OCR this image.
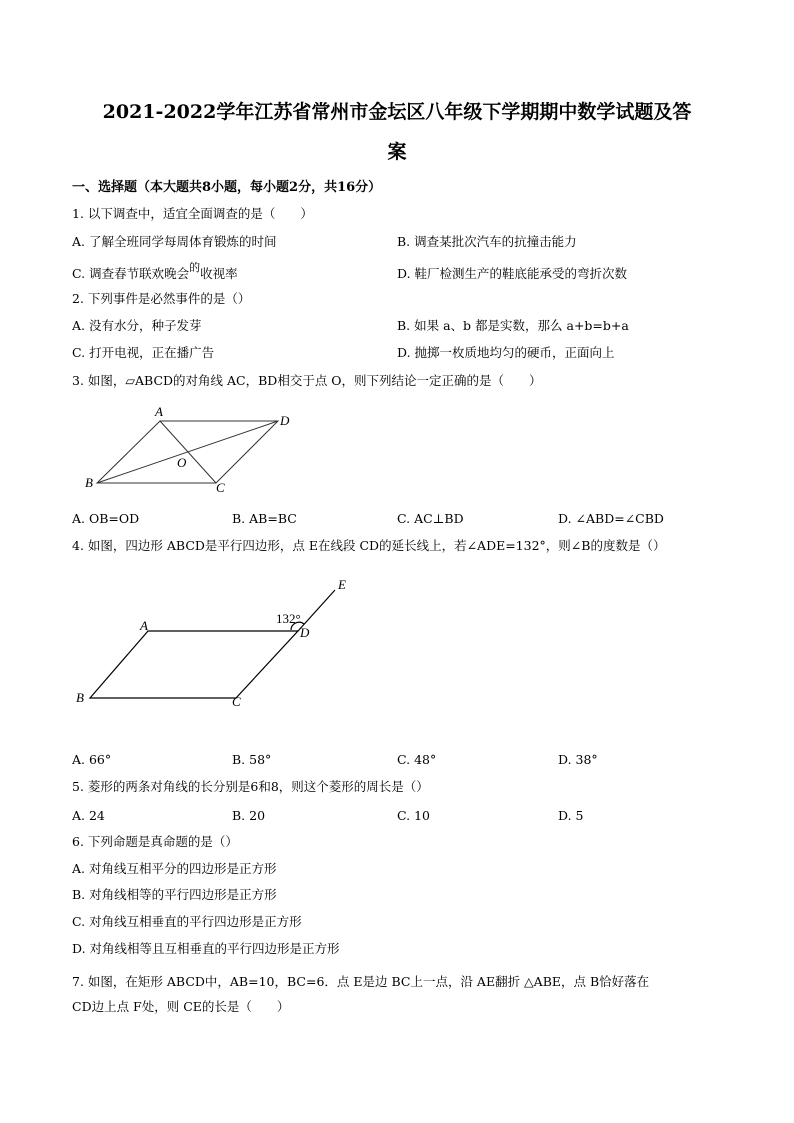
2021-2022学年江苏省常州市金坛区八年级下学期期中数学试题及答
案
一、选择题（本大题共8小题，每小题2分，共16分）
1. 以下调查中，适宜全面调查的是（　　）
A. 了解全班同学每周体育锻炼的时间	B. 调查某批次汽车的抗撞击能力
C. 调查春节联欢晚会的收视率	D. 鞋厂检测生产的鞋底能承受的弯折次数
2. 下列事件是必然事件的是（）
A. 没有水分，种子发芽	B. 如果 a、b 都是实数，那么 a+b=b+a
C. 打开电视，正在播广告	D. 抛掷一枚质地均匀的硬币，正面向上
3. 如图，▱ABCD的对角线 AC，BD相交于点 O，则下列结论一定正确的是（　　）
A
D
B	C
O
A. OB=OD	B. AB=BC	C. AC⊥BD	D. ∠ABD=∠CBD
4. 如图，四边形 ABCD是平行四边形，点 E在线段 CD的延长线上，若∠ADE=132°，则∠B的度数是（）
E
132°
D
A
B	C
A. 66°	B. 58°	C. 48°	D. 38°
5. 菱形的两条对角线的长分别是6和8，则这个菱形的周长是（）
A. 24	B. 20	C. 10	D. 5
6. 下列命题是真命题的是（）
A. 对角线互相平分的四边形是正方形
B. 对角线相等的平行四边形是正方形
C. 对角线互相垂直的平行四边形是正方形
D. 对角线相等且互相垂直的平行四边形是正方形
7. 如图，在矩形 ABCD中，AB=10，BC=6．点 E是边 BC上一点，沿 AE翻折 △ABE，点 B恰好落在
CD边上点 F处，则 CE的长是（　　）
